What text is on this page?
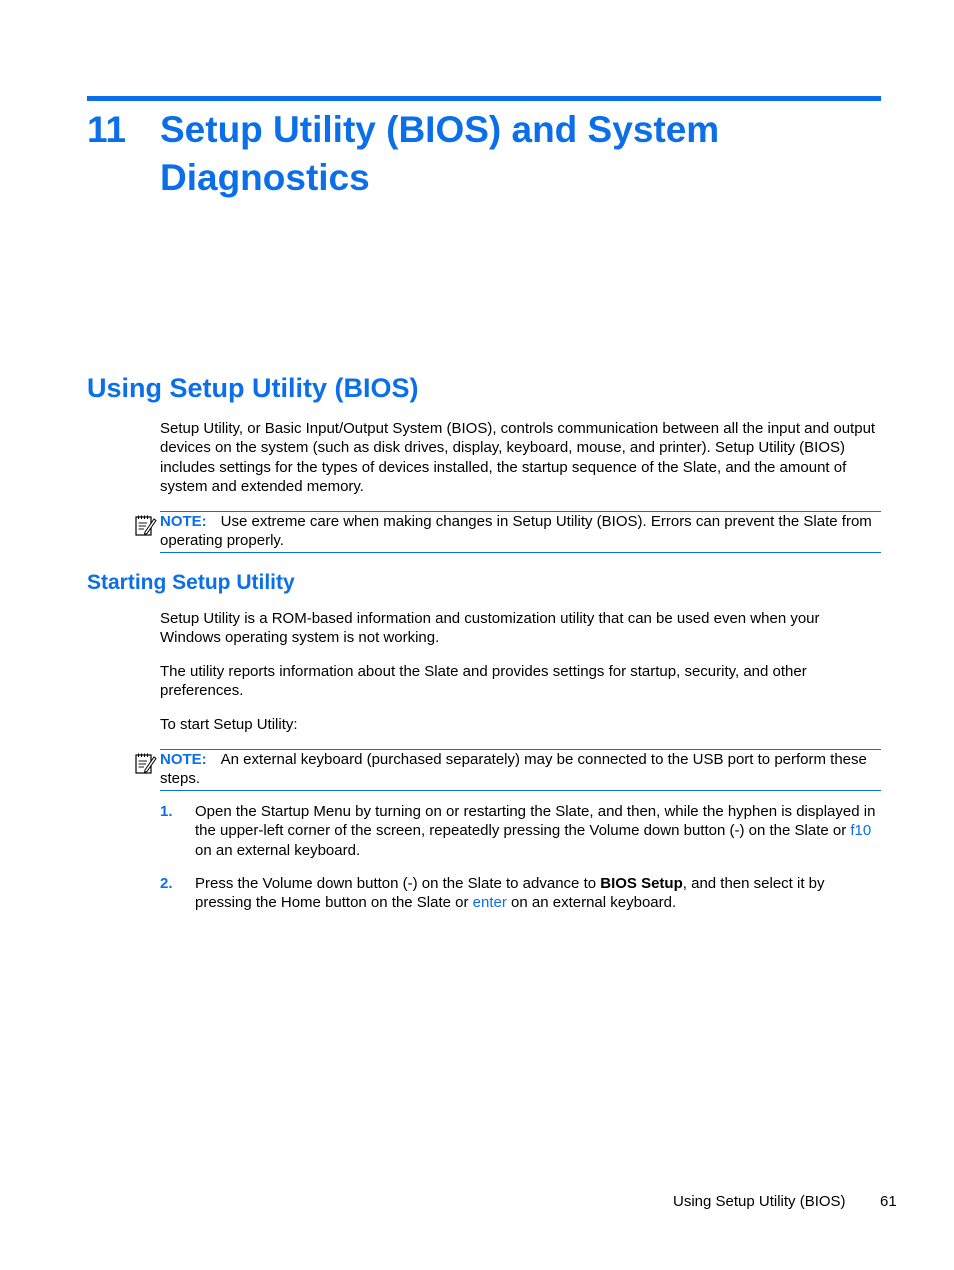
11 Setup Utility (BIOS) and System Diagnostics
Using Setup Utility (BIOS)
Setup Utility, or Basic Input/Output System (BIOS), controls communication between all the input and output devices on the system (such as disk drives, display, keyboard, mouse, and printer). Setup Utility (BIOS) includes settings for the types of devices installed, the startup sequence of the Slate, and the amount of system and extended memory.
NOTE: Use extreme care when making changes in Setup Utility (BIOS). Errors can prevent the Slate from operating properly.
Starting Setup Utility
Setup Utility is a ROM-based information and customization utility that can be used even when your Windows operating system is not working.
The utility reports information about the Slate and provides settings for startup, security, and other preferences.
To start Setup Utility:
NOTE: An external keyboard (purchased separately) may be connected to the USB port to perform these steps.
1. Open the Startup Menu by turning on or restarting the Slate, and then, while the hyphen is displayed in the upper-left corner of the screen, repeatedly pressing the Volume down button (-) on the Slate or f10 on an external keyboard.
2. Press the Volume down button (-) on the Slate to advance to BIOS Setup, and then select it by pressing the Home button on the Slate or enter on an external keyboard.
Using Setup Utility (BIOS) 61
